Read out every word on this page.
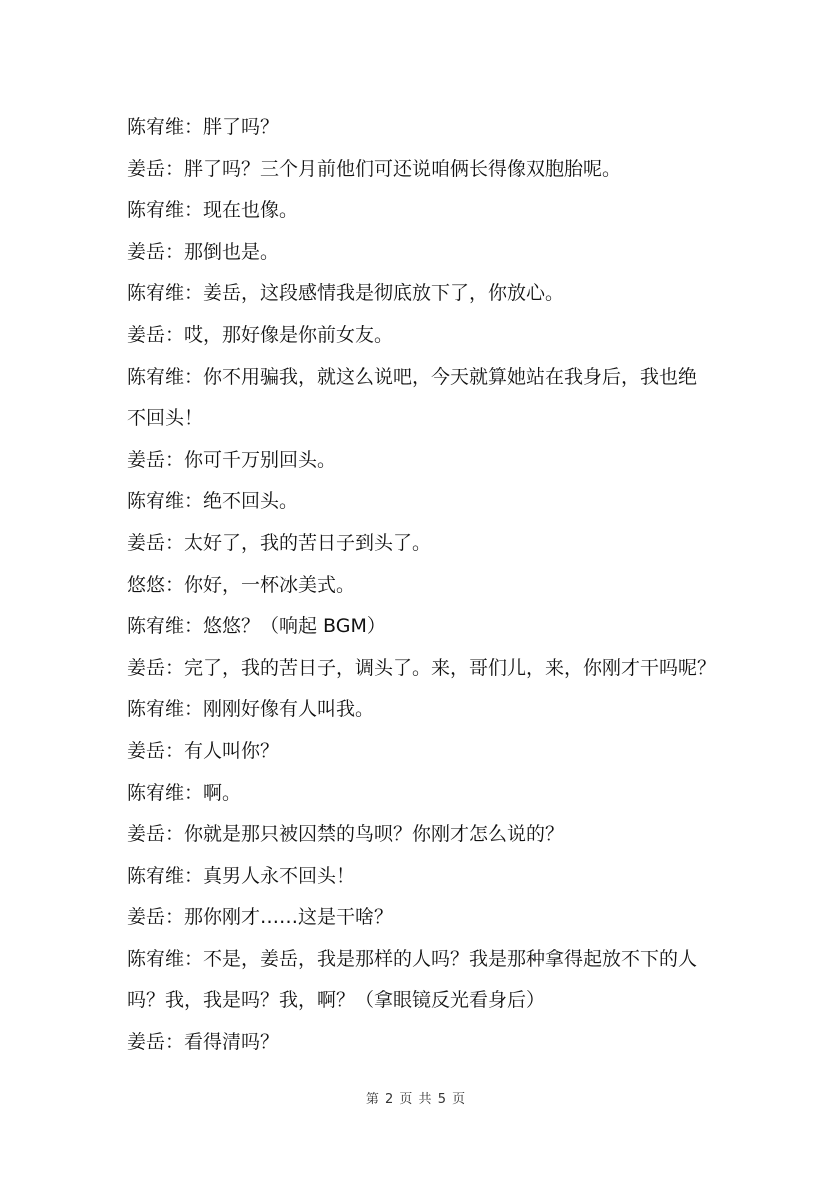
陈宥维：胖了吗？

姜岳：胖了吗？三个月前他们可还说咱俩长得像双胞胎呢。

陈宥维：现在也像。

姜岳：那倒也是。

陈宥维：姜岳，这段感情我是彻底放下了，你放心。

姜岳：哎，那好像是你前女友。

陈宥维：你不用骗我，就这么说吧，今天就算她站在我身后，我也绝

不回头！

姜岳：你可千万别回头。

陈宥维：绝不回头。

姜岳：太好了，我的苦日子到头了。

悠悠：你好，一杯冰美式。

陈宥维：悠悠？（响起 BGM）

姜岳：完了，我的苦日子，调头了。来，哥们儿，来，你刚才干吗呢？

陈宥维：刚刚好像有人叫我。

姜岳：有人叫你？

陈宥维：啊。

姜岳：你就是那只被囚禁的鸟呗？你刚才怎么说的？

陈宥维：真男人永不回头！

姜岳：那你刚才……这是干啥？

陈宥维：不是，姜岳，我是那样的人吗？我是那种拿得起放不下的人

吗？我，我是吗？我，啊？（拿眼镜反光看身后）

姜岳：看得清吗？

第 2 页 共 5 页
